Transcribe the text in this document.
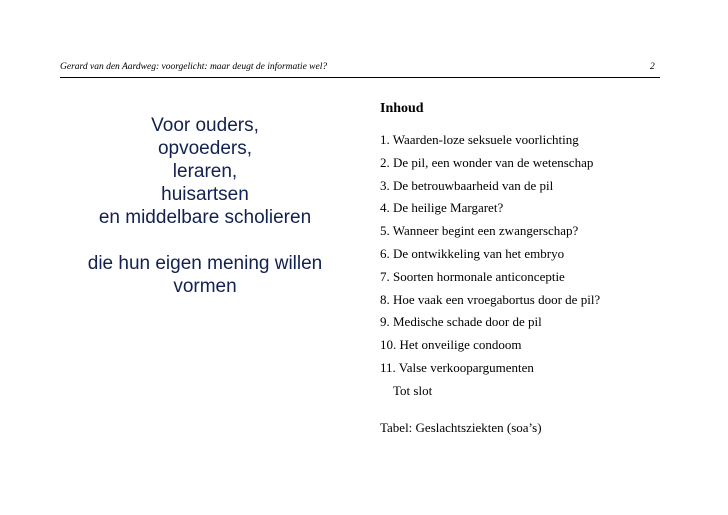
Gerard van den Aardweg: voorgelicht: maar deugt de informatie wel?	2
Voor ouders,
opvoeders,
leraren,
huisartsen
en middelbare scholieren
die hun eigen mening willen
vormen
Inhoud
1. Waarden-loze seksuele voorlichting
2. De pil, een wonder van de wetenschap
3. De betrouwbaarheid van de pil
4. De heilige Margaret?
5. Wanneer begint een zwangerschap?
6. De ontwikkeling van het embryo
7. Soorten hormonale anticonceptie
8. Hoe vaak een vroegabortus door de pil?
9. Medische schade door de pil
10. Het onveilige condoom
11. Valse verkoopargumenten
Tot slot
Tabel: Geslachtsziekten (soa’s)
